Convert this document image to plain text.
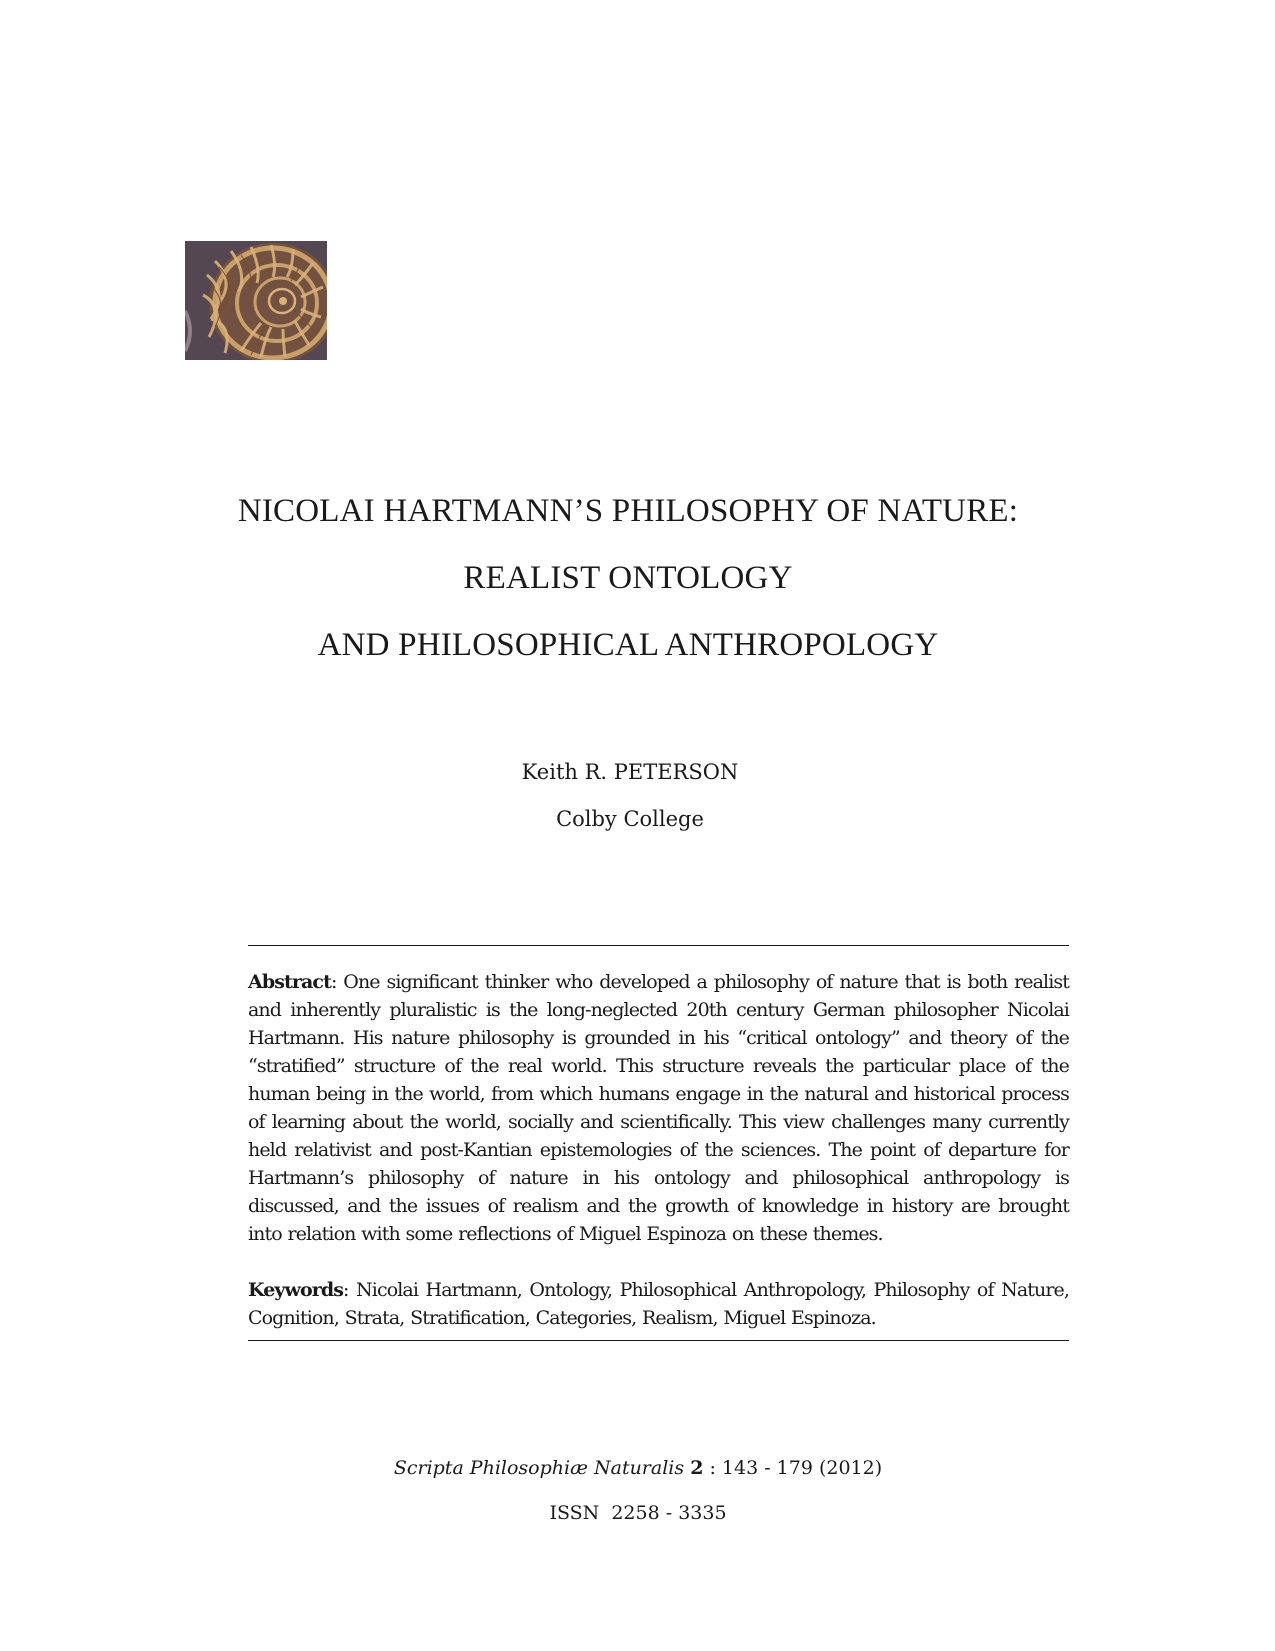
NICOLAI HARTMANN’S PHILOSOPHY OF NATURE:
REALIST ONTOLOGY
AND PHILOSOPHICAL ANTHROPOLOGY
Keith R. PETERSON
Colby College

Abstract: One significant thinker who developed a philosophy of nature that is both realist and inherently pluralistic is the long-neglected 20th century German philosopher Nicolai Hartmann. His nature philosophy is grounded in his “critical ontology” and theory of the “stratified” structure of the real world. This structure reveals the particular place of the human being in the world, from which humans engage in the natural and historical process of learning about the world, socially and scientifically. This view challenges many currently held relativist and post-Kantian epistemologies of the sciences. The point of departure for Hartmann’s philosophy of nature in his ontology and philosophical anthropology is discussed, and the issues of realism and the growth of knowledge in history are brought into relation with some reflections of Miguel Espinoza on these themes.

Keywords: Nicolai Hartmann, Ontology, Philosophical Anthropology, Philosophy of Nature, Cognition, Strata, Stratification, Categories, Realism, Miguel Espinoza.

Scripta Philosophiæ Naturalis 2 : 143 - 179 (2012)
ISSN  2258 - 3335
